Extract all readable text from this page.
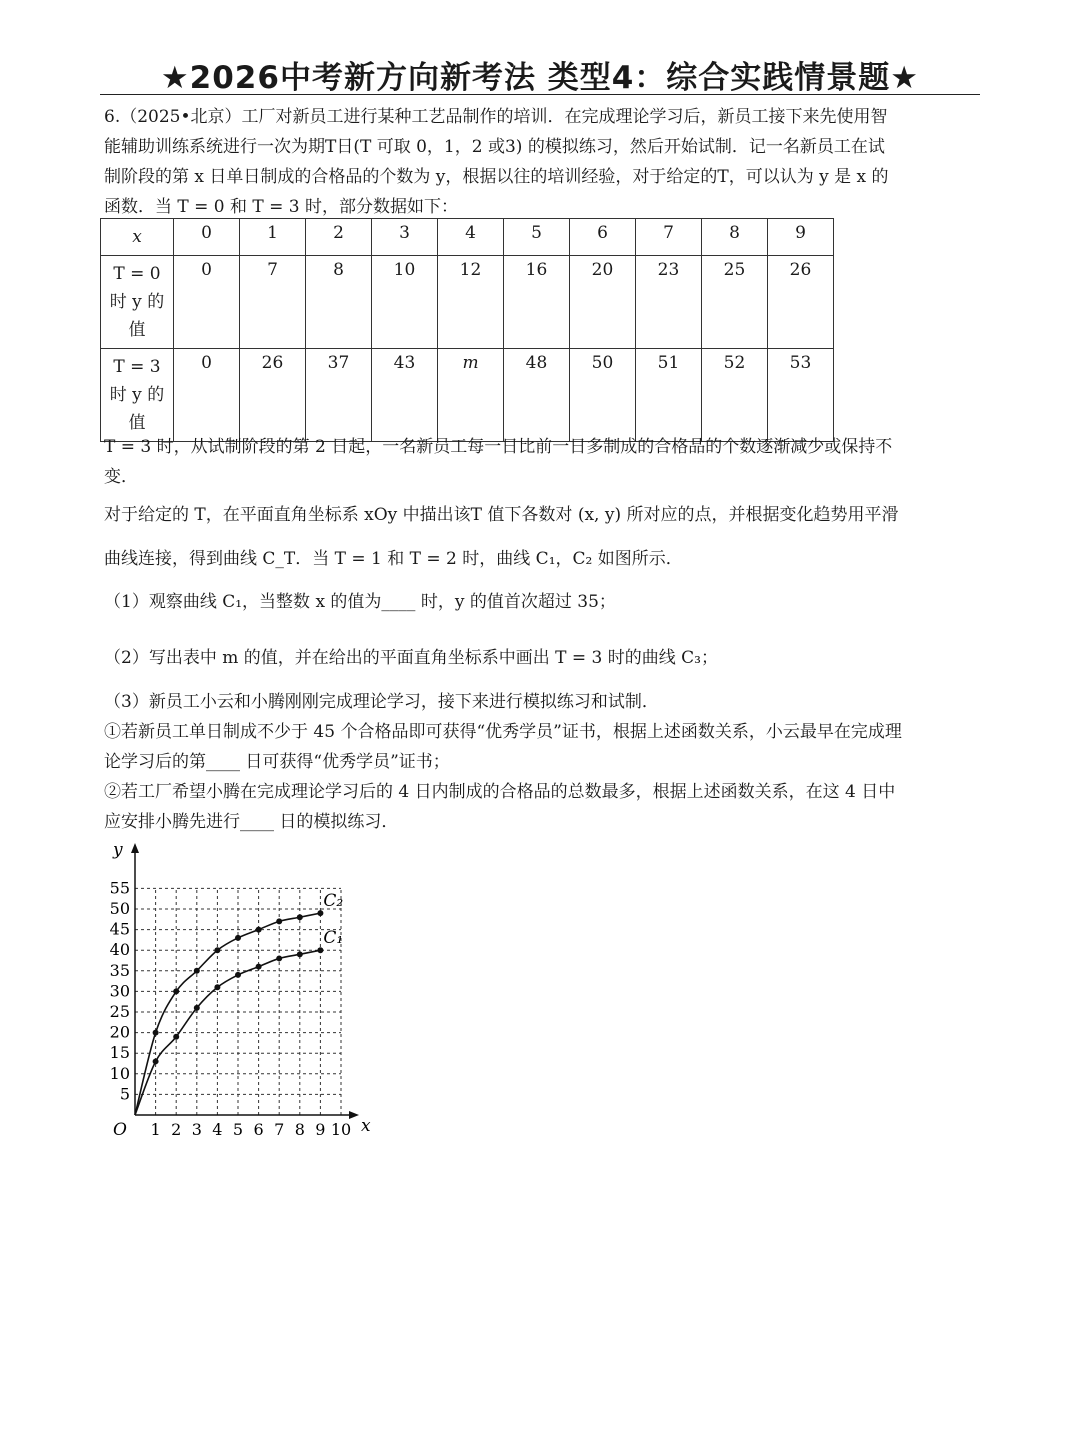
★2026中考新方向新考法 类型4：综合实践情景题★
6.（2025•北京）工厂对新员工进行某种工艺品制作的培训．在完成理论学习后，新员工接下来先使用智
能辅助训练系统进行一次为期T日(T 可取 0，1，2 或3) 的模拟练习，然后开始试制．记一名新员工在试
制阶段的第 x 日单日制成的合格品的个数为 y，根据以往的培训经验，对于给定的T，可以认为 y 是 x 的
函数．当 T = 0 和 T = 3 时，部分数据如下：
x	0	1	2	3	4	5	6	7	8	9

T = 0
时 y 的
值	0	7	8	10	12	16	20	23	25	26

T = 3
时 y 的
值	0	26	37	43	m	48	50	51	52	53
T = 3 时，从试制阶段的第 2 日起，一名新员工每一日比前一日多制成的合格品的个数逐渐减少或保持不
变．
对于给定的 T，在平面直角坐标系 xOy 中描出该T 值下各数对 (x, y) 所对应的点，并根据变化趋势用平滑
曲线连接，得到曲线 C_T．当 T = 1 和 T = 2 时，曲线 C₁，C₂ 如图所示．
（1）观察曲线 C₁，当整数 x 的值为____ 时，y 的值首次超过 35；
（2）写出表中 m 的值，并在给出的平面直角坐标系中画出 T = 3 时的曲线 C₃；
（3）新员工小云和小腾刚刚完成理论学习，接下来进行模拟练习和试制．
①若新员工单日制成不少于 45 个合格品即可获得“优秀学员”证书，根据上述函数关系，小云最早在完成理
论学习后的第____ 日可获得“优秀学员”证书；
②若工厂希望小腾在完成理论学习后的 4 日内制成的合格品的总数最多，根据上述函数关系，在这 4 日中
应安排小腾先进行____ 日的模拟练习．
1 2 3 4 5 6 7 8 9 10
5
10
15
20
25
30
35
40
45
50
55
O	x
y
C₂
C₁
